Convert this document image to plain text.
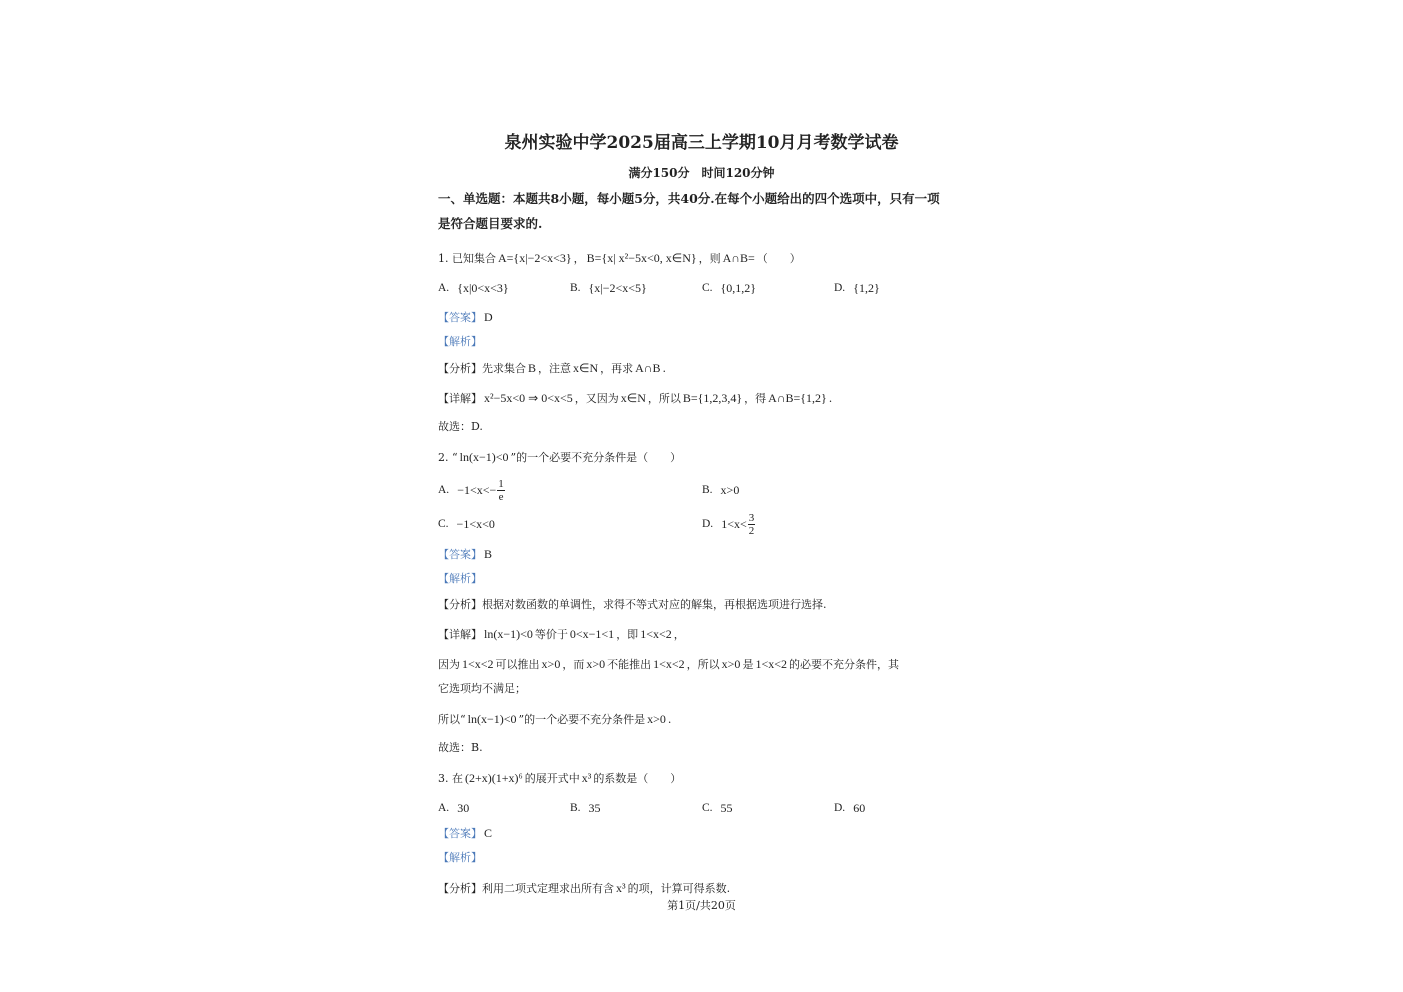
泉州实验中学2025届高三上学期10月月考数学试卷
满分150分　时间120分钟
一、单选题：本题共8小题，每小题5分，共40分.在每个小题给出的四个选项中，只有一项
是符合题目要求的.
1. 已知集合 A={x|−2<x<3} ， B={x| x²−5x<0, x∈N} ，则 A∩B= （　　）
A. {x|0<x<3}	B. {x|−2<x<5}	C. {0,1,2}	D. {1,2}
【答案】 D
【解析】
【分析】先求集合 B ，注意 x∈N ，再求 A∩B .
【详解】 x²−5x<0 ⇒ 0<x<5 ，又因为 x∈N ，所以 B={1,2,3,4} ，得 A∩B={1,2} .
故选：D.
2. “ ln(x−1)<0 ”的一个必要不充分条件是（　　）
A. $-1<x<- \frac{1}{e}$	B. x>0
C. −1<x<0	D. $1<x< \frac{3}{2}$
【答案】 B
【解析】
【分析】根据对数函数的单调性，求得不等式对应的解集，再根据选项进行选择.
【详解】 ln(x−1)<0 等价于 0<x−1<1 ，即 1<x<2 ，
因为 1<x<2 可以推出 x>0 ，而 x>0 不能推出 1<x<2 ，所以 x>0 是 1<x<2 的必要不充分条件，其
它选项均不满足；
所以“ ln(x−1)<0 ”的一个必要不充分条件是 x>0 .
故选：B.
3. 在 (2+x)(1+x)⁶ 的展开式中 x³ 的系数是（　　）
A. 30	B. 35	C. 55	D. 60
【答案】 C
【解析】
【分析】利用二项式定理求出所有含 x³ 的项，计算可得系数.
第1页/共20页
